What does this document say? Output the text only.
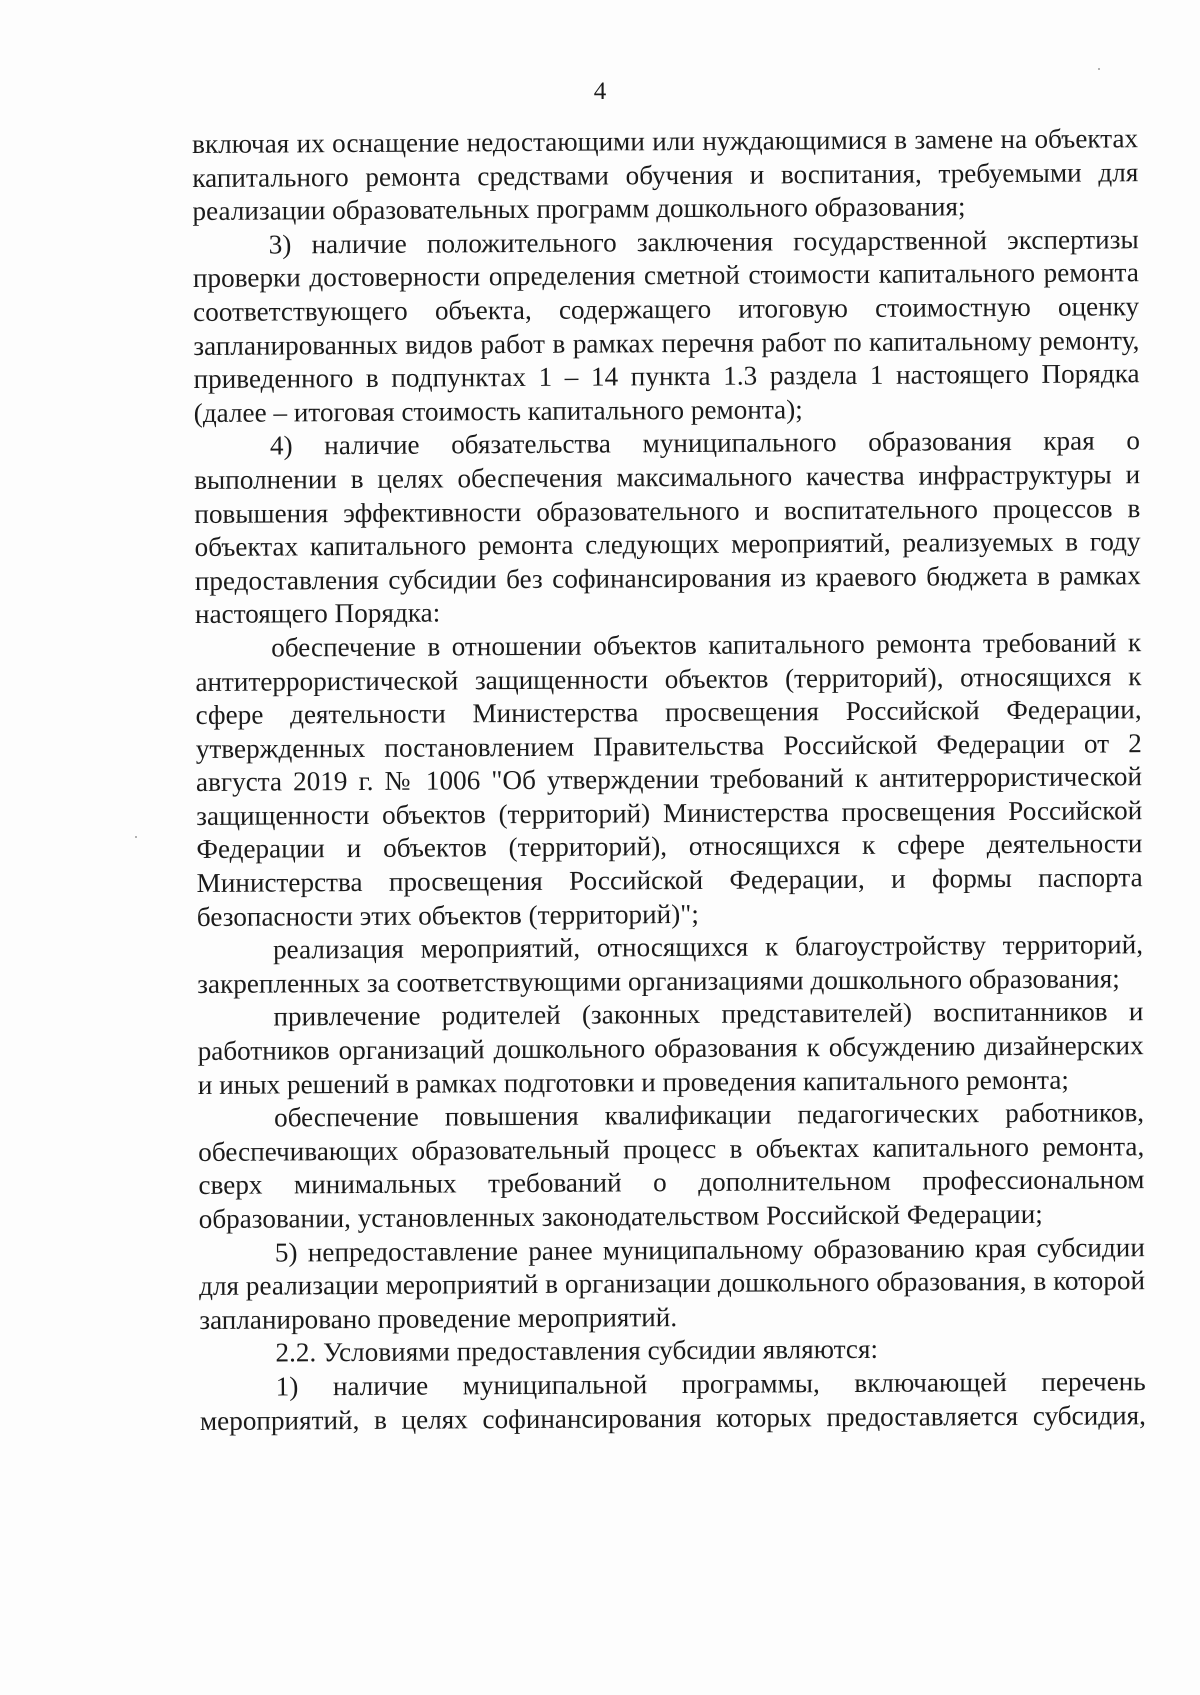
4

включая их оснащение недостающими или нуждающимися в замене на объектах капитального ремонта средствами обучения и воспитания, требуемыми для реализации образовательных программ дошкольного образования;

3) наличие положительного заключения государственной экспертизы проверки достоверности определения сметной стоимости капитального ремонта соответствующего объекта, содержащего итоговую стоимостную оценку запланированных видов работ в рамках перечня работ по капитальному ремонту, приведенного в подпунктах 1 – 14 пункта 1.3 раздела 1 настоящего Порядка (далее – итоговая стоимость капитального ремонта);

4) наличие обязательства муниципального образования края о выполнении в целях обеспечения максимального качества инфраструктуры и повышения эффективности образовательного и воспитательного процессов в объектах капитального ремонта следующих мероприятий, реализуемых в году предоставления субсидии без софинансирования из краевого бюджета в рамках настоящего Порядка:

обеспечение в отношении объектов капитального ремонта требований к антитеррористической защищенности объектов (территорий), относящихся к сфере деятельности Министерства просвещения Российской Федерации, утвержденных постановлением Правительства Российской Федерации от 2 августа 2019 г. № 1006 "Об утверждении требований к антитеррористической защищенности объектов (территорий) Министерства просвещения Российской Федерации и объектов (территорий), относящихся к сфере деятельности Министерства просвещения Российской Федерации, и формы паспорта безопасности этих объектов (территорий)";

реализация мероприятий, относящихся к благоустройству территорий, закрепленных за соответствующими организациями дошкольного образования;

привлечение родителей (законных представителей) воспитанников и работников организаций дошкольного образования к обсуждению дизайнерских и иных решений в рамках подготовки и проведения капитального ремонта;

обеспечение повышения квалификации педагогических работников, обеспечивающих образовательный процесс в объектах капитального ремонта, сверх минимальных требований о дополнительном профессиональном образовании, установленных законодательством Российской Федерации;

5) непредоставление ранее муниципальному образованию края субсидии для реализации мероприятий в организации дошкольного образования, в которой запланировано проведение мероприятий.

2.2. Условиями предоставления субсидии являются:

1) наличие муниципальной программы, включающей перечень мероприятий, в целях софинансирования которых предоставляется субсидия,
